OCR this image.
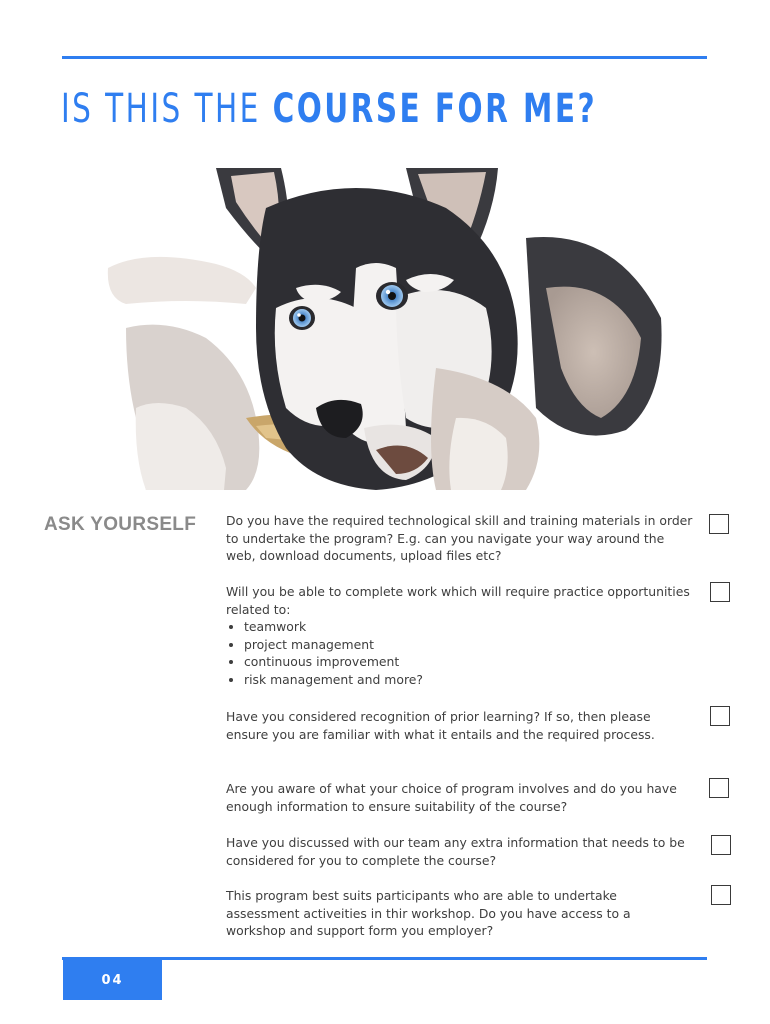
IS THIS THE COURSE FOR ME?
ASK YOURSELF Do you have the required technological skill and training materials in order to undertake the program? E.g. can you navigate your way around the web, download documents, upload files etc?
Will you be able to complete work which will require practice opportunities related to:
• teamwork
• project management
• continuous improvement
• risk management and more?
Have you considered recognition of prior learning? If so, then please ensure you are familiar with what it entails and the required process.
Are you aware of what your choice of program involves and do you have enough information to ensure suitability of the course?
Have you discussed with our team any extra information that needs to be considered for you to complete the course?
This program best suits participants who are able to undertake assessment activeities in thir workshop. Do you have access to a workshop and support form you employer?
04
